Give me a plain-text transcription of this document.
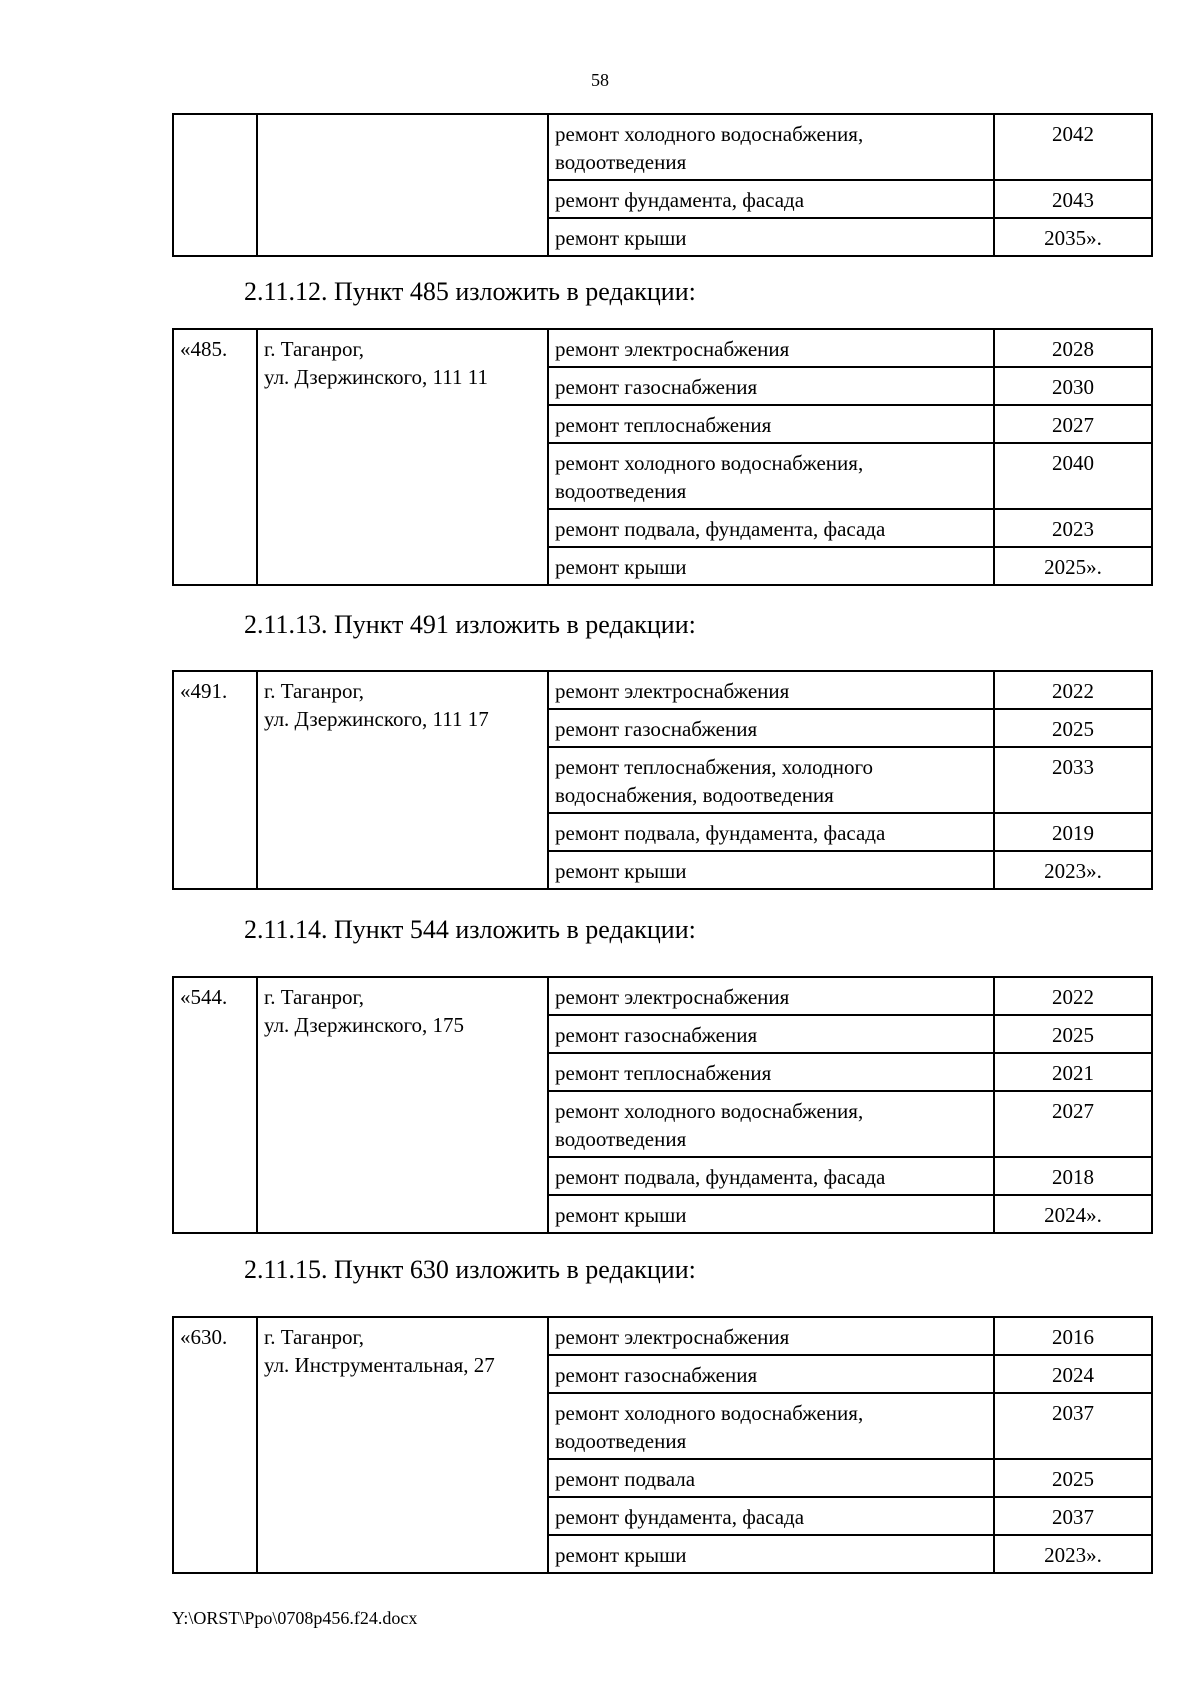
58
		ремонт холодного водоснабжения, водоотведения	2042
		ремонт фундамента, фасада	2043
		ремонт крыши	2035».
2.11.12. Пункт 485 изложить в редакции:
«485.	г. Таганрог,
ул. Дзержинского, 111 11	ремонт электроснабжения	2028
		ремонт газоснабжения	2030
		ремонт теплоснабжения	2027
		ремонт холодного водоснабжения, водоотведения	2040
		ремонт подвала, фундамента, фасада	2023
		ремонт крыши	2025».
2.11.13. Пункт 491 изложить в редакции:
«491.	г. Таганрог,
ул. Дзержинского, 111 17	ремонт электроснабжения	2022
		ремонт газоснабжения	2025
		ремонт теплоснабжения, холодного водоснабжения, водоотведения	2033
		ремонт подвала, фундамента, фасада	2019
		ремонт крыши	2023».
2.11.14. Пункт 544 изложить в редакции:
«544.	г. Таганрог,
ул. Дзержинского, 175	ремонт электроснабжения	2022
		ремонт газоснабжения	2025
		ремонт теплоснабжения	2021
		ремонт холодного водоснабжения, водоотведения	2027
		ремонт подвала, фундамента, фасада	2018
		ремонт крыши	2024».
2.11.15. Пункт 630 изложить в редакции:
«630.	г. Таганрог,
ул. Инструментальная, 27	ремонт электроснабжения	2016
		ремонт газоснабжения	2024
		ремонт холодного водоснабжения, водоотведения	2037
		ремонт подвала	2025
		ремонт фундамента, фасада	2037
		ремонт крыши	2023».
Y:\ORST\Ppo\0708p456.f24.docx
